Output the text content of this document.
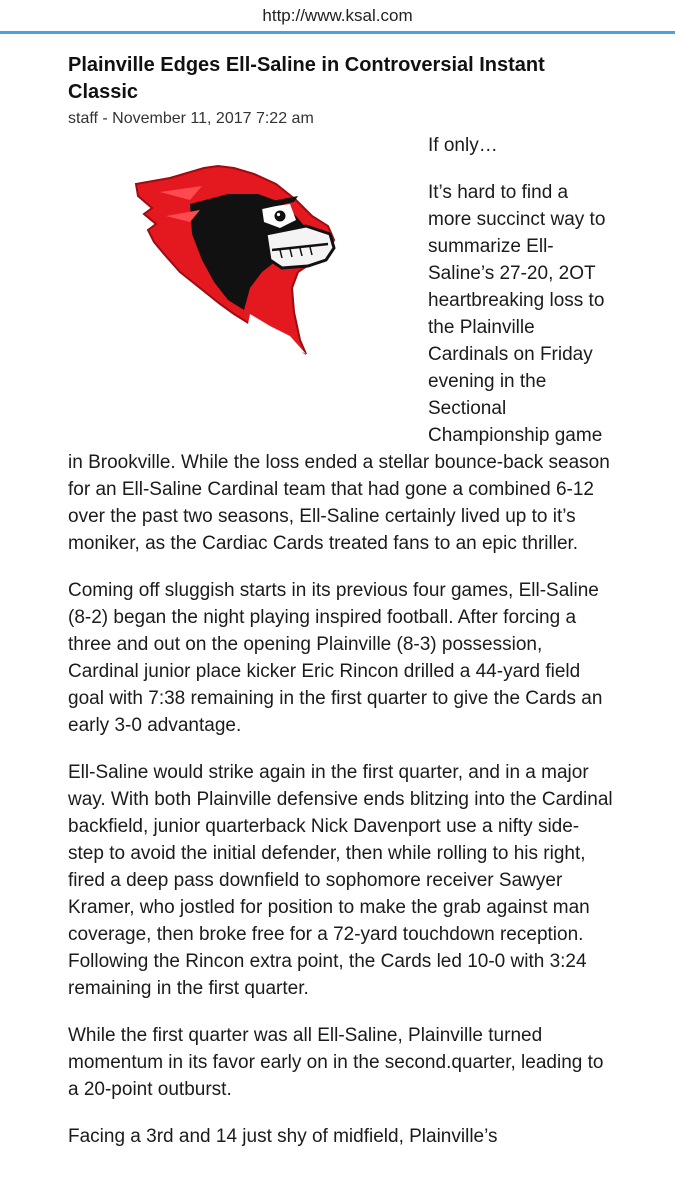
http://www.ksal.com
Plainville Edges Ell-Saline in Controversial Instant Classic
staff - November 11, 2017 7:22 am

If only…

It’s hard to find a more succinct way to summarize Ell-Saline’s 27-20, 2OT heartbreaking loss to the Plainville Cardinals on Friday evening in the Sectional Championship game in Brookville. While the loss ended a stellar bounce-back season for an Ell-Saline Cardinal team that had gone a combined 6-12 over the past two seasons, Ell-Saline certainly lived up to it’s moniker, as the Cardiac Cards treated fans to an epic thriller.

Coming off sluggish starts in its previous four games, Ell-Saline (8-2) began the night playing inspired football. After forcing a three and out on the opening Plainville (8-3) possession, Cardinal junior place kicker Eric Rincon drilled a 44-yard field goal with 7:38 remaining in the first quarter to give the Cards an early 3-0 advantage.

Ell-Saline would strike again in the first quarter, and in a major way. With both Plainville defensive ends blitzing into the Cardinal backfield, junior quarterback Nick Davenport use a nifty side-step to avoid the initial defender, then while rolling to his right, fired a deep pass downfield to sophomore receiver Sawyer Kramer, who jostled for position to make the grab against man coverage, then broke free for a 72-yard touchdown reception. Following the Rincon extra point, the Cards led 10-0 with 3:24 remaining in the first quarter.

While the first quarter was all Ell-Saline, Plainville turned momentum in its favor early on in the second.quarter, leading to a 20-point outburst.

Facing a 3rd and 14 just shy of midfield, Plainville’s
